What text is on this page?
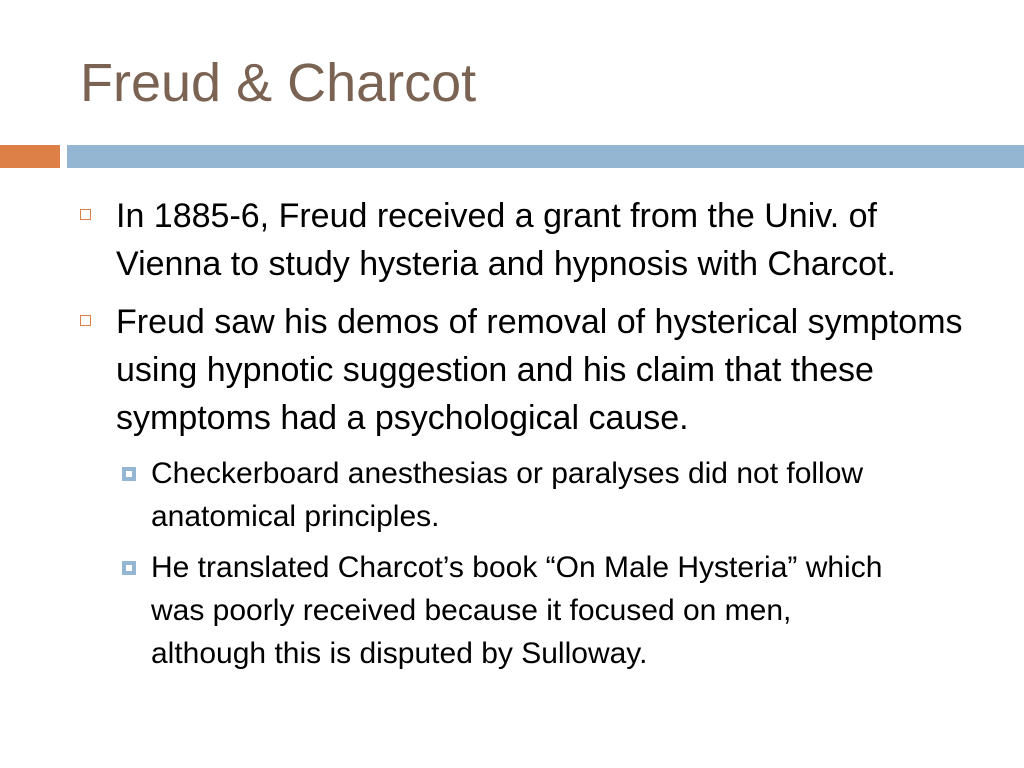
Freud & Charcot
In 1885-6, Freud received a grant from the Univ. of Vienna to study hysteria and hypnosis with Charcot.
Freud saw his demos of removal of hysterical symptoms using hypnotic suggestion and his claim that these symptoms had a psychological cause.
Checkerboard anesthesias or paralyses did not follow anatomical principles.
He translated Charcot’s book “On Male Hysteria” which was poorly received because it focused on men, although this is disputed by Sulloway.
